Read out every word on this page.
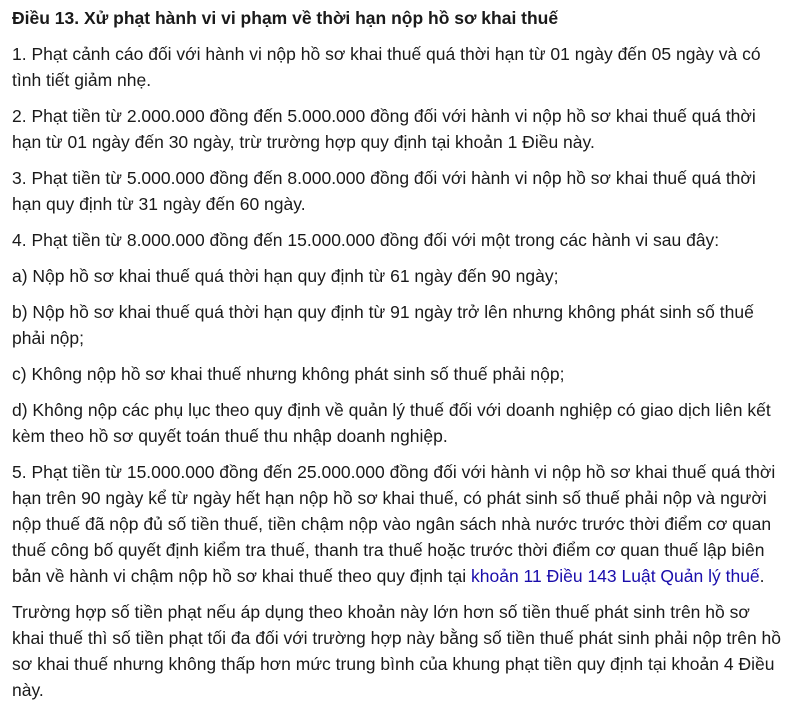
Điều 13. Xử phạt hành vi vi phạm về thời hạn nộp hồ sơ khai thuế

1. Phạt cảnh cáo đối với hành vi nộp hồ sơ khai thuế quá thời hạn từ 01 ngày đến 05 ngày và có tình tiết giảm nhẹ.

2. Phạt tiền từ 2.000.000 đồng đến 5.000.000 đồng đối với hành vi nộp hồ sơ khai thuế quá thời hạn từ 01 ngày đến 30 ngày, trừ trường hợp quy định tại khoản 1 Điều này.

3. Phạt tiền từ 5.000.000 đồng đến 8.000.000 đồng đối với hành vi nộp hồ sơ khai thuế quá thời hạn quy định từ 31 ngày đến 60 ngày.

4. Phạt tiền từ 8.000.000 đồng đến 15.000.000 đồng đối với một trong các hành vi sau đây:

a) Nộp hồ sơ khai thuế quá thời hạn quy định từ 61 ngày đến 90 ngày;

b) Nộp hồ sơ khai thuế quá thời hạn quy định từ 91 ngày trở lên nhưng không phát sinh số thuế phải nộp;

c) Không nộp hồ sơ khai thuế nhưng không phát sinh số thuế phải nộp;

d) Không nộp các phụ lục theo quy định về quản lý thuế đối với doanh nghiệp có giao dịch liên kết kèm theo hồ sơ quyết toán thuế thu nhập doanh nghiệp.

5. Phạt tiền từ 15.000.000 đồng đến 25.000.000 đồng đối với hành vi nộp hồ sơ khai thuế quá thời hạn trên 90 ngày kể từ ngày hết hạn nộp hồ sơ khai thuế, có phát sinh số thuế phải nộp và người nộp thuế đã nộp đủ số tiền thuế, tiền chậm nộp vào ngân sách nhà nước trước thời điểm cơ quan thuế công bố quyết định kiểm tra thuế, thanh tra thuế hoặc trước thời điểm cơ quan thuế lập biên bản về hành vi chậm nộp hồ sơ khai thuế theo quy định tại khoản 11 Điều 143 Luật Quản lý thuế.

Trường hợp số tiền phạt nếu áp dụng theo khoản này lớn hơn số tiền thuế phát sinh trên hồ sơ khai thuế thì số tiền phạt tối đa đối với trường hợp này bằng số tiền thuế phát sinh phải nộp trên hồ sơ khai thuế nhưng không thấp hơn mức trung bình của khung phạt tiền quy định tại khoản 4 Điều này.
